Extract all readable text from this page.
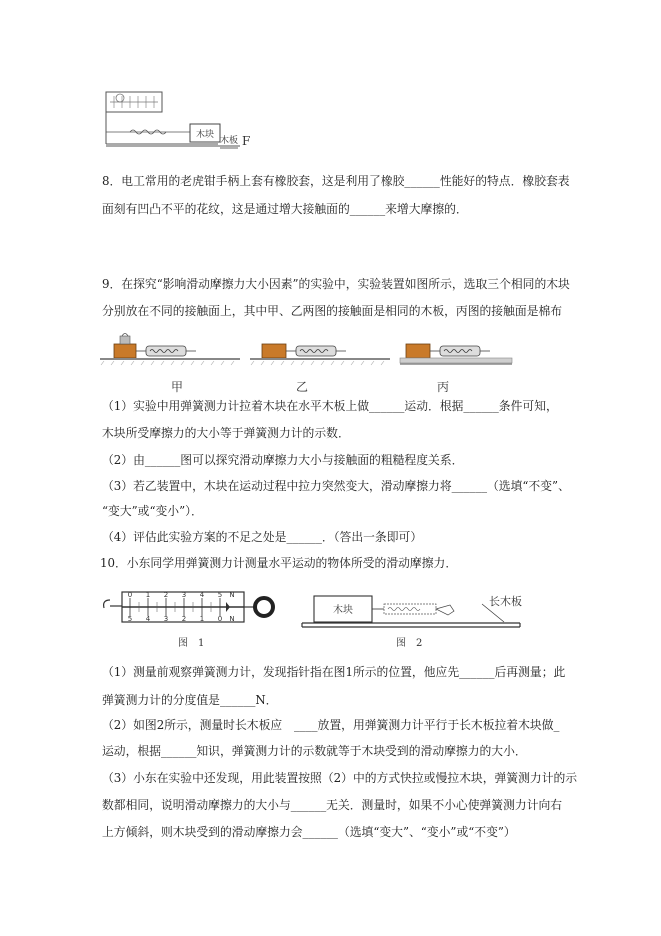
木块
木板 F
8．电工常用的老虎钳手柄上套有橡胶套，这是利用了橡胶______性能好的特点．橡胶套表
面刻有凹凸不平的花纹，这是通过增大接触面的______来增大摩擦的．
9．在探究“影响滑动摩擦力大小因素”的实验中，实验装置如图所示，选取三个相同的木块
分别放在不同的接触面上，其中甲、乙两图的接触面是相同的木板，丙图的接触面是棉布
甲	乙	丙
（1）实验中用弹簧测力计拉着木块在水平木板上做______运动．根据______条件可知，
木块所受摩擦力的大小等于弹簧测力计的示数．
（2）由______图可以探究滑动摩擦力大小与接触面的粗糙程度关系．
（3）若乙装置中，木块在运动过程中拉力突然变大，滑动摩擦力将______（选填“不变”、
“变大”或“变小”）．
（4）评估此实验方案的不足之处是______．（答出一条即可）
10．小东同学用弹簧测力计测量水平运动的物体所受的滑动摩擦力．
0 1 2 3 4 5 N
5 4 3 2 1 0 N
木块
长木板
图　1	图　2
（1）测量前观察弹簧测力计，发现指针指在图1所示的位置，他应先______后再测量；此
弹簧测力计的分度值是______N．
（2）如图2所示，测量时长木板应　____放置，用弹簧测力计平行于长木板拉着木块做_
运动，根据______知识，弹簧测力计的示数就等于木块受到的滑动摩擦力的大小．
（3）小东在实验中还发现，用此装置按照（2）中的方式快拉或慢拉木块，弹簧测力计的示
数都相同，说明滑动摩擦力的大小与______无关．测量时，如果不小心使弹簧测力计向右
上方倾斜，则木块受到的滑动摩擦力会______（选填“变大”、“变小”或“不变”）
